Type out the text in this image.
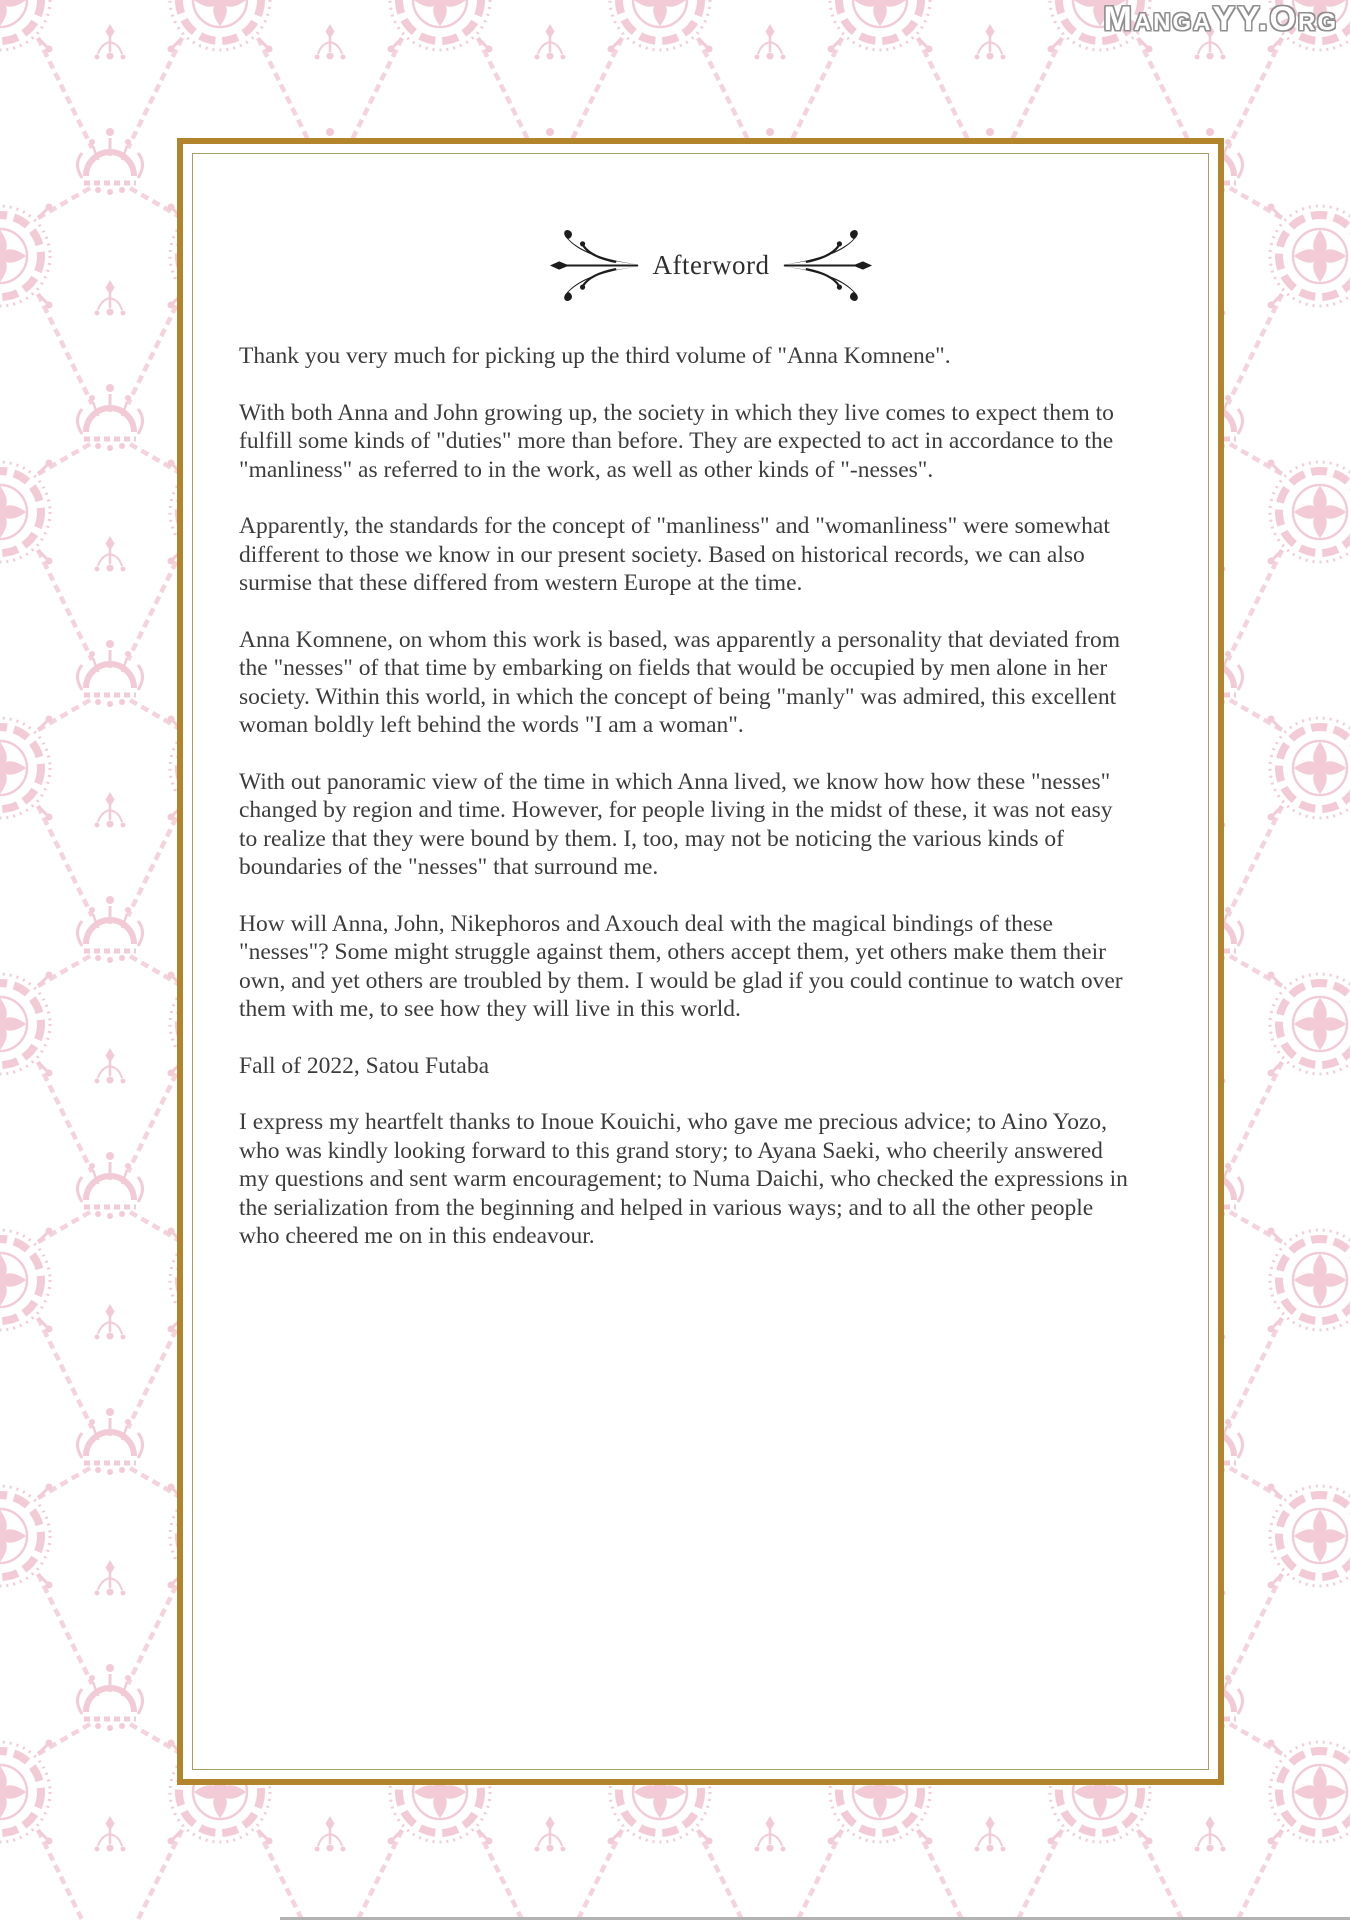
MangaYY.Org
Afterword

Thank you very much for picking up the third volume of "Anna Komnene".

With both Anna and John growing up, the society in which they live comes to expect them to fulfill some kinds of "duties" more than before. They are expected to act in accordance to the "manliness" as referred to in the work, as well as other kinds of "-nesses".

Apparently, the standards for the concept of "manliness" and "womanliness" were somewhat different to those we know in our present society. Based on historical records, we can also surmise that these differed from western Europe at the time.

Anna Komnene, on whom this work is based, was apparently a personality that deviated from the "nesses" of that time by embarking on fields that would be occupied by men alone in her society. Within this world, in which the concept of being "manly" was admired, this excellent woman boldly left behind the words "I am a woman".

With out panoramic view of the time in which Anna lived, we know how how these "nesses" changed by region and time. However, for people living in the midst of these, it was not easy to realize that they were bound by them. I, too, may not be noticing the various kinds of boundaries of the "nesses" that surround me.

How will Anna, John, Nikephoros and Axouch deal with the magical bindings of these "nesses"? Some might struggle against them, others accept them, yet others make them their own, and yet others are troubled by them. I would be glad if you could continue to watch over them with me, to see how they will live in this world.

Fall of 2022, Satou Futaba

I express my heartfelt thanks to Inoue Kouichi, who gave me precious advice; to Aino Yozo, who was kindly looking forward to this grand story; to Ayana Saeki, who cheerily answered my questions and sent warm encouragement; to Numa Daichi, who checked the expressions in the serialization from the beginning and helped in various ways; and to all the other people who cheered me on in this endeavour.
